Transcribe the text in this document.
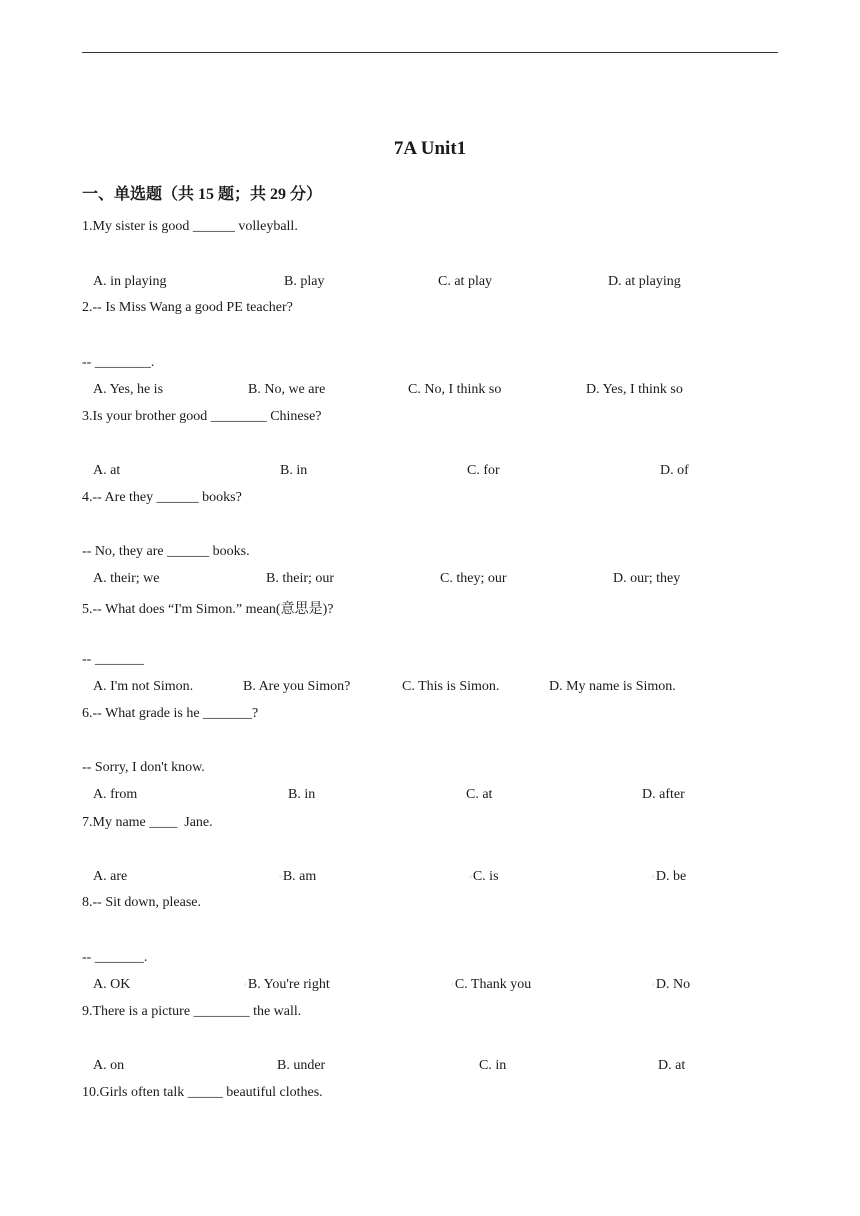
7A Unit1
一、单选题（共 15 题；共 29 分）
1.My sister is good ______ volleyball.
A. in playing	B. play	C. at play	D. at playing
2.-- Is Miss Wang a good PE teacher?
-- ________.
A. Yes, he is	B. No, we are	C. No, I think so	D. Yes, I think so
3.Is your brother good ________ Chinese?
A. at	B. in	C. for	D. of
4.-- Are they ______ books?
-- No, they are ______ books.
A. their; we	B. their; our	C. they; our	D. our; they
5.-- What does “I'm Simon.” mean(意思是)?
-- _______
A. I'm not Simon.	B. Are you Simon?	C. This is Simon.	D. My name is Simon.
6.-- What grade is he _______?
-- Sorry, I don't know.
A. from	B. in	C. at	D. after
7.My name ____  Jane.
A. are	◦B. am	◦C. is	◦D. be
8.-- Sit down, please.
-- _______.
A. OK	◦B. You're right	◦C. Thank you	◦D. No
9.There is a picture ________ the wall.
A. on	B. under	C. in	D. at
10.Girls often talk _____ beautiful clothes.
